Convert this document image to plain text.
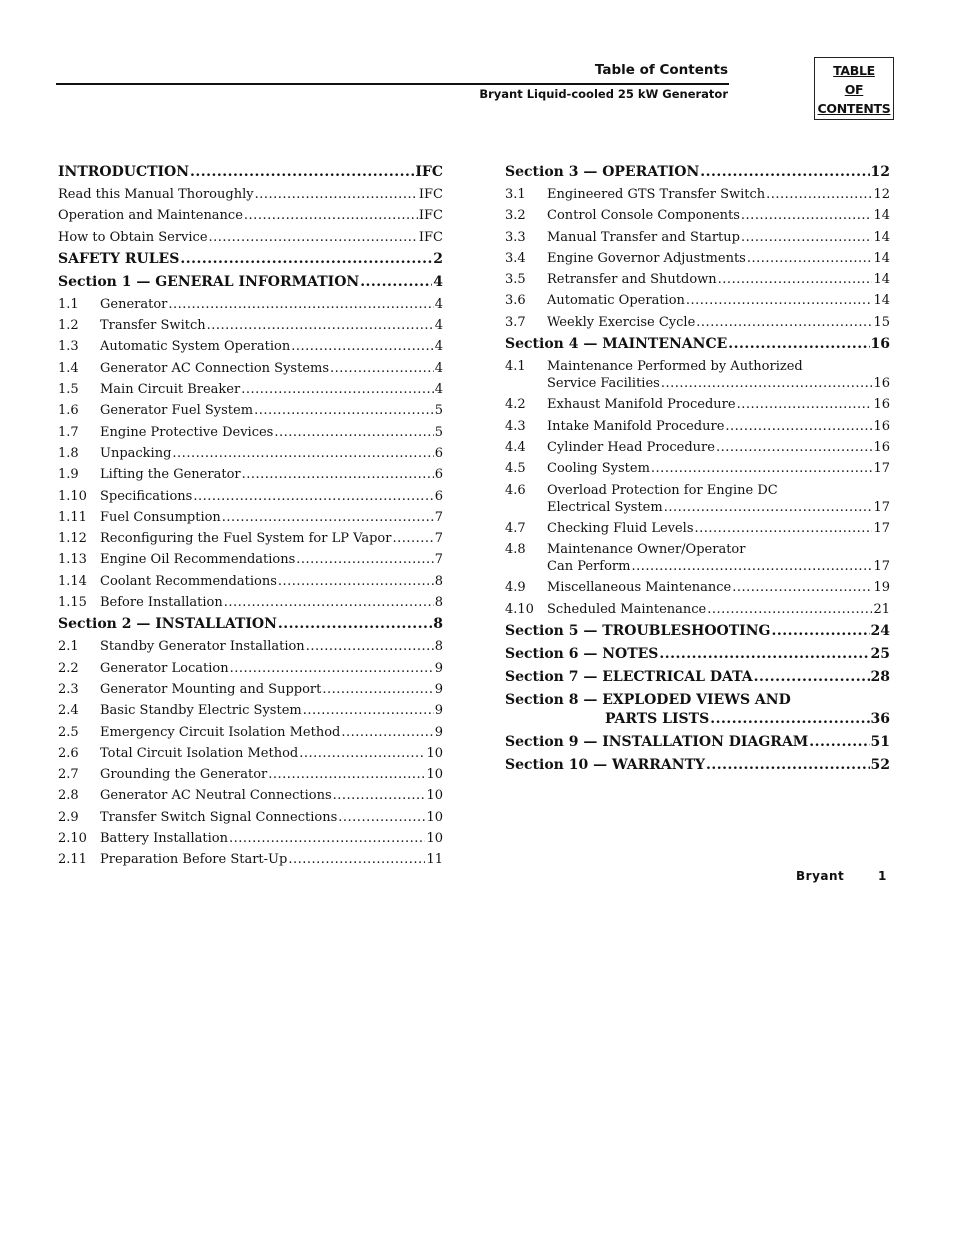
Table of Contents
Bryant Liquid-cooled 25 kW Generator
TABLE
OF
CONTENTS
INTRODUCTION .....	IFC
Read this Manual Thoroughly .....	IFC
Operation and Maintenance .....	IFC
How to Obtain Service .....	IFC
SAFETY RULES .....	2
Section 1 — GENERAL INFORMATION .....	4
1.1	Generator .....	4
1.2	Transfer Switch .....	4
1.3	Automatic System Operation .....	4
1.4	Generator AC Connection Systems .....	4
1.5	Main Circuit Breaker .....	4
1.6	Generator Fuel System .....	5
1.7	Engine Protective Devices .....	5
1.8	Unpacking .....	6
1.9	Lifting the Generator .....	6
1.10	Specifications .....	6
1.11	Fuel Consumption .....	7
1.12	Reconfiguring the Fuel System for LP Vapor .....	7
1.13	Engine Oil Recommendations .....	7
1.14	Coolant Recommendations .....	8
1.15	Before Installation .....	8
Section 2 — INSTALLATION .....	8
2.1	Standby Generator Installation .....	8
2.2	Generator Location .....	9
2.3	Generator Mounting and Support .....	9
2.4	Basic Standby Electric System .....	9
2.5	Emergency Circuit Isolation Method .....	9
2.6	Total Circuit Isolation Method .....	10
2.7	Grounding the Generator .....	10
2.8	Generator AC Neutral Connections .....	10
2.9	Transfer Switch Signal Connections .....	10
2.10	Battery Installation .....	10
2.11	Preparation Before Start-Up .....	11
Section 3 — OPERATION .....	12
3.1	Engineered GTS Transfer Switch .....	12
3.2	Control Console Components .....	14
3.3	Manual Transfer and Startup .....	14
3.4	Engine Governor Adjustments .....	14
3.5	Retransfer and Shutdown .....	14
3.6	Automatic Operation .....	14
3.7	Weekly Exercise Cycle .....	15
Section 4 — MAINTENANCE .....	16
4.1	Maintenance Performed by Authorized
Service Facilities .....	16
4.2	Exhaust Manifold Procedure .....	16
4.3	Intake Manifold Procedure .....	16
4.4	Cylinder Head Procedure .....	16
4.5	Cooling System .....	17
4.6	Overload Protection for Engine DC
Electrical System .....	17
4.7	Checking Fluid Levels .....	17
4.8	Maintenance Owner/Operator
Can Perform .....	17
4.9	Miscellaneous Maintenance .....	19
4.10	Scheduled Maintenance .....	21
Section 5 — TROUBLESHOOTING .....	24
Section 6 — NOTES .....	25
Section 7 — ELECTRICAL DATA .....	28
Section 8 — EXPLODED VIEWS AND
PARTS LISTS .....	36
Section 9 — INSTALLATION DIAGRAM .....	51
Section 10 — WARRANTY .....	52
Bryant	1
